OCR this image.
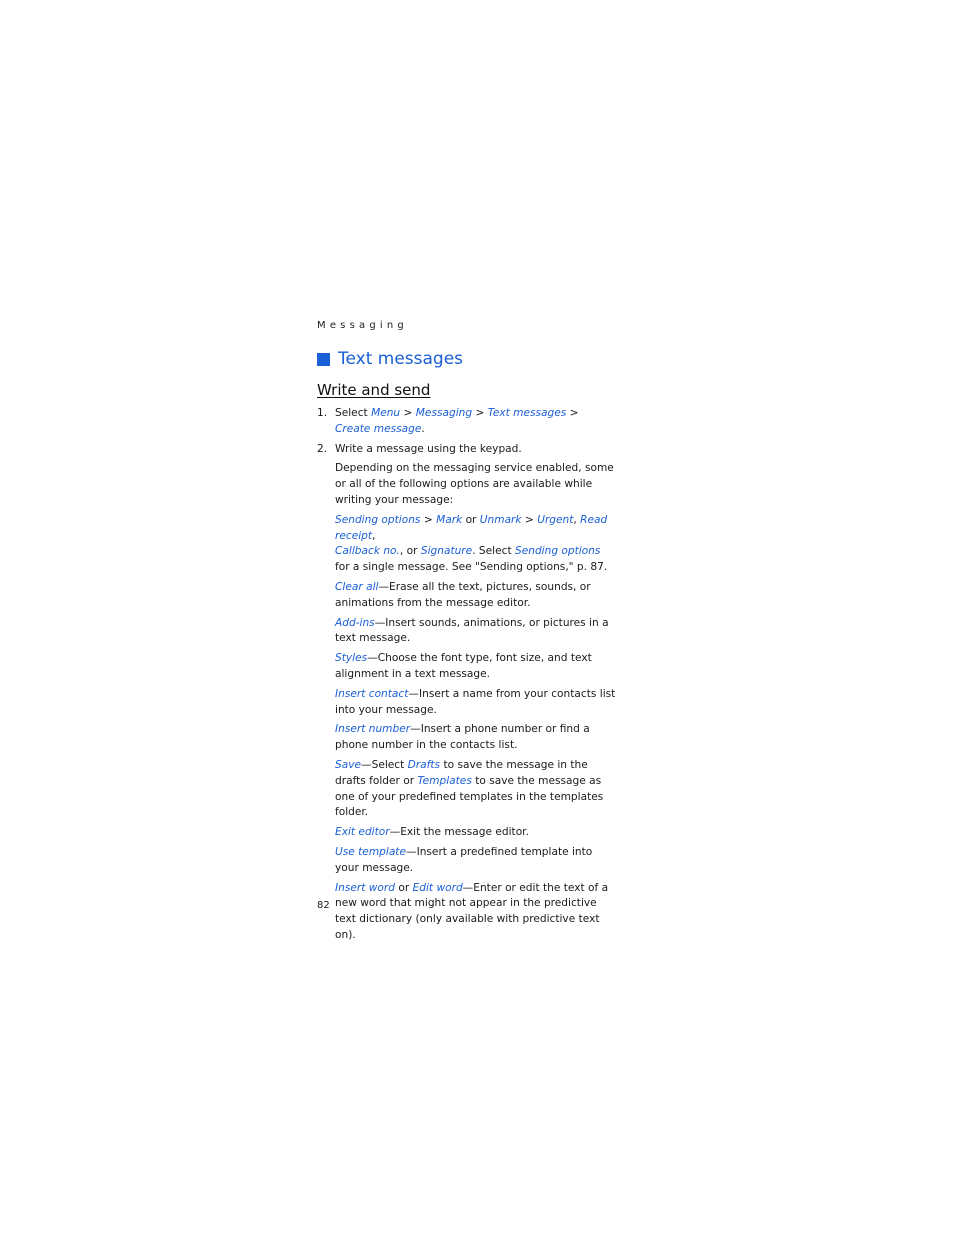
Messaging

Text messages
Write and send
1. Select Menu > Messaging > Text messages >
Create message.
2. Write a message using the keypad.
Depending on the messaging service enabled, some or all of the following options are available while writing your message:
Sending options > Mark or Unmark > Urgent, Read receipt,
Callback no., or Signature. Select Sending options for a single message. See "Sending options," p. 87.
Clear all—Erase all the text, pictures, sounds, or animations from the message editor.
Add-ins—Insert sounds, animations, or pictures in a text message.
Styles—Choose the font type, font size, and text alignment in a text message.
Insert contact—Insert a name from your contacts list into your message.
Insert number—Insert a phone number or find a phone number in the contacts list.
Save—Select Drafts to save the message in the drafts folder or Templates to save the message as one of your predefined templates in the templates folder.
Exit editor—Exit the message editor.
Use template—Insert a predefined template into your message.
Insert word or Edit word—Enter or edit the text of a new word that might not appear in the predictive text dictionary (only available with predictive text on).
82
